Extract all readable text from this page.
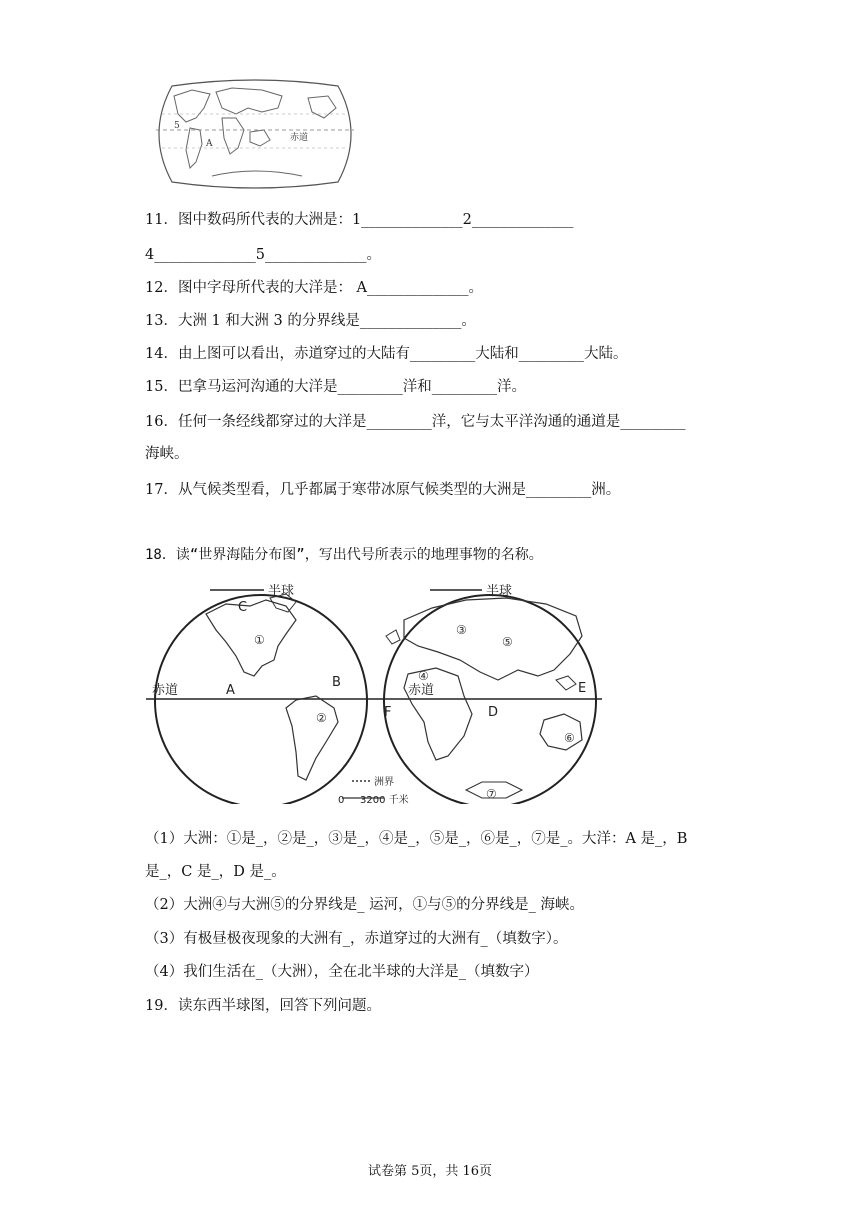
5
A
赤道
11．图中数码所代表的大洲是：1______________2______________
4______________5______________。
12．图中字母所代表的大洋是： A______________。
13．大洲 1 和大洲 3 的分界线是______________。
14．由上图可以看出，赤道穿过的大陆有_________大陆和_________大陆。
15．巴拿马运河沟通的大洋是_________洋和_________洋。
16．任何一条经线都穿过的大洋是_________洋，它与太平洋沟通的通道是_________
海峡。
17．从气候类型看，几乎都属于寒带冰原气候类型的大洲是_________洲。
18．读“世界海陆分布图”，写出代号所表示的地理事物的名称。
半球	半球
赤道	赤道
A
B
C
D
E
F
①
②
③
④
⑤
⑥
⑦
洲界
0 3200 千米
（1）大洲：①是_，②是_，③是_，④是_，⑤是_，⑥是_，⑦是_。大洋：A 是_，B
是_，C 是_，D 是_。
（2）大洲④与大洲⑤的分界线是_ 运河，①与⑤的分界线是_ 海峡。
（3）有极昼极夜现象的大洲有_，赤道穿过的大洲有_（填数字）。
（4）我们生活在_（大洲），全在北半球的大洋是_（填数字）
19．读东西半球图，回答下列问题。
试卷第 5页，共 16页
